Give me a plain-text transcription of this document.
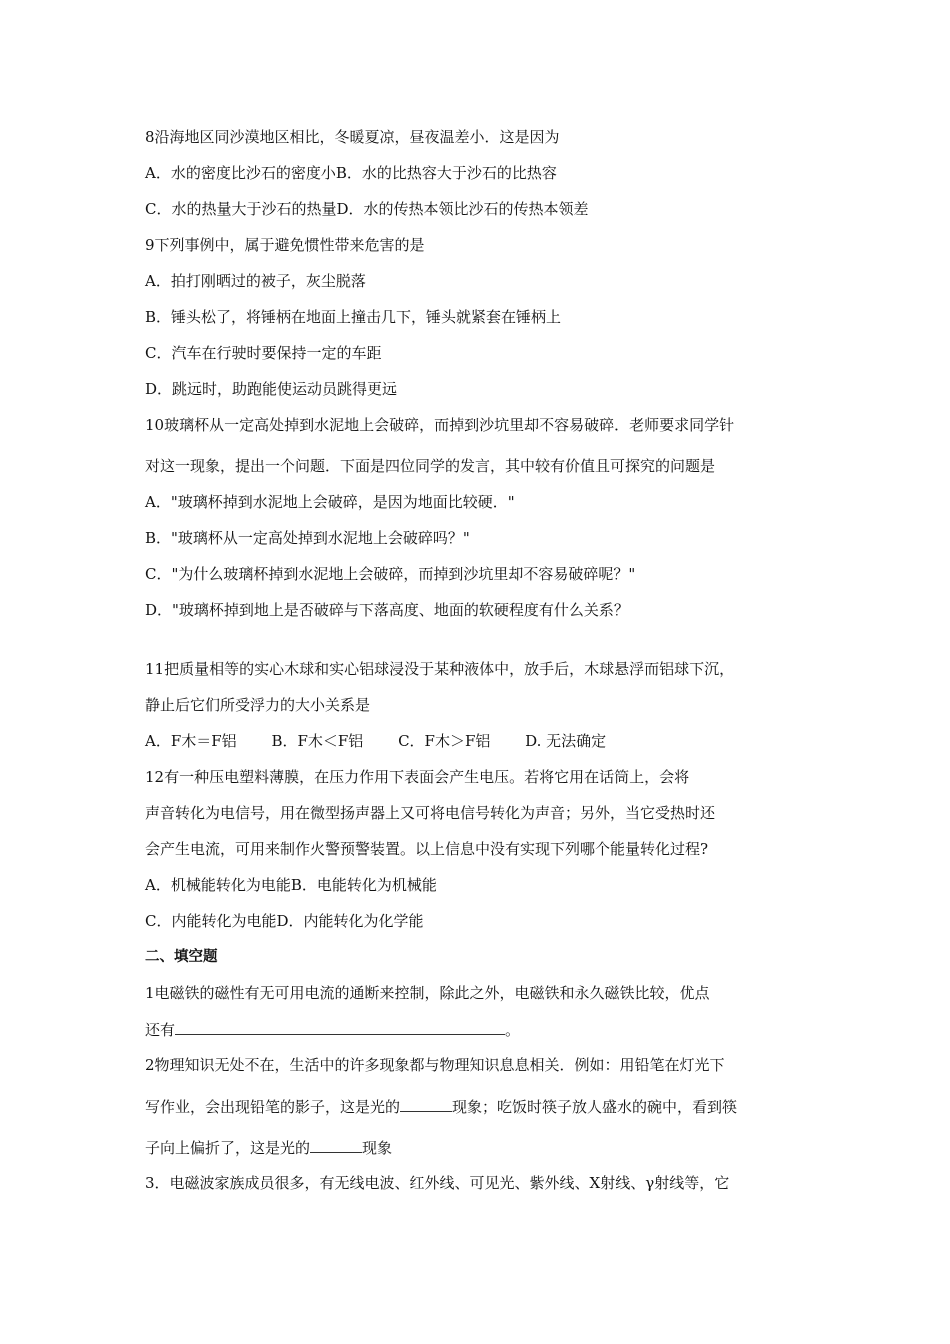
8沿海地区同沙漠地区相比，冬暖夏凉，昼夜温差小．这是因为
A．水的密度比沙石的密度小B．水的比热容大于沙石的比热容
C．水的热量大于沙石的热量D．水的传热本领比沙石的传热本领差
9下列事例中，属于避免惯性带来危害的是
A．拍打刚晒过的被子，灰尘脱落
B．锤头松了，将锤柄在地面上撞击几下，锤头就紧套在锤柄上
C．汽车在行驶时要保持一定的车距
D．跳远时，助跑能使运动员跳得更远
10玻璃杯从一定高处掉到水泥地上会破碎，而掉到沙坑里却不容易破碎．老师要求同学针
对这一现象，提出一个问题．下面是四位同学的发言，其中较有价值且可探究的问题是
A．"玻璃杯掉到水泥地上会破碎，是因为地面比较硬．"
B．"玻璃杯从一定高处掉到水泥地上会破碎吗？"
C．"为什么玻璃杯掉到水泥地上会破碎，而掉到沙坑里却不容易破碎呢？"
D．"玻璃杯掉到地上是否破碎与下落高度、地面的软硬程度有什么关系？
11把质量相等的实心木球和实心铝球浸没于某种液体中，放手后，木球悬浮而铝球下沉，
静止后它们所受浮力的大小关系是
A．F木＝F铝 B．F木＜F铝 C．F木＞F铝 D. 无法确定
12有一种压电塑料薄膜，在压力作用下表面会产生电压。若将它用在话筒上，会将
声音转化为电信号，用在微型扬声器上又可将电信号转化为声音；另外，当它受热时还
会产生电流，可用来制作火警预警装置。以上信息中没有实现下列哪个能量转化过程?
A．机械能转化为电能B．电能转化为机械能
C．内能转化为电能D．内能转化为化学能
二、填空题
1电磁铁的磁性有无可用电流的通断来控制，除此之外，电磁铁和永久磁铁比较，优点
还有	。
2物理知识无处不在，生活中的许多现象都与物理知识息息相关．例如：用铅笔在灯光下
写作业，会出现铅笔的影子，这是光的	现象；吃饭时筷子放人盛水的碗中，看到筷
子向上偏折了，这是光的	现象
3．电磁波家族成员很多，有无线电波、红外线、可见光、紫外线、X射线、γ射线等，它
